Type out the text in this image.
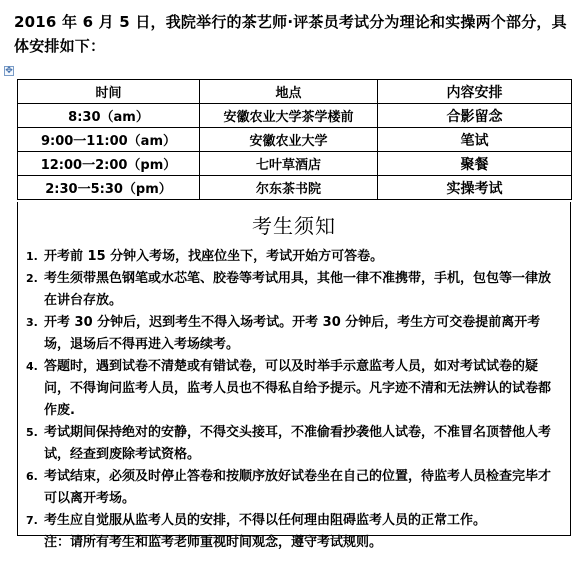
2016 年 6 月 5 日，我院举行的茶艺师·评茶员考试分为理论和实操两个部分，具体安排如下：
✥
时间	地点	内容安排
8:30（am）	安徽农业大学茶学楼前	合影留念
9:00一11:00（am）	安徽农业大学	笔试
12:00一2:00（pm）	七叶草酒店	聚餐
2:30一5:30（pm）	尔东茶书院	实操考试
考生须知
1. 开考前 15 分钟入考场，找座位坐下，考试开始方可答卷。
2. 考生须带黑色钢笔或水芯笔、胶卷等考试用具，其他一律不准携带，手机，包包等一律放在讲台存放。
3. 开考 30 分钟后，迟到考生不得入场考试。开考 30 分钟后，考生方可交卷提前离开考场，退场后不得再进入考场续考。
4. 答题时，遇到试卷不清楚或有错试卷，可以及时举手示意监考人员，如对考试试卷的疑问，不得询问监考人员，监考人员也不得私自给予提示。凡字迹不清和无法辨认的试卷都作废.
5. 考试期间保持绝对的安静，不得交头接耳，不准偷看抄袭他人试卷，不准冒名顶替他人考试，经查到废除考试资格。
6. 考试结束，必须及时停止答卷和按顺序放好试卷坐在自己的位置，待监考人员检查完毕才可以离开考场。
7. 考生应自觉服从监考人员的安排，不得以任何理由阻碍监考人员的正常工作。
注：请所有考生和监考老师重视时间观念，遵守考试规则。
